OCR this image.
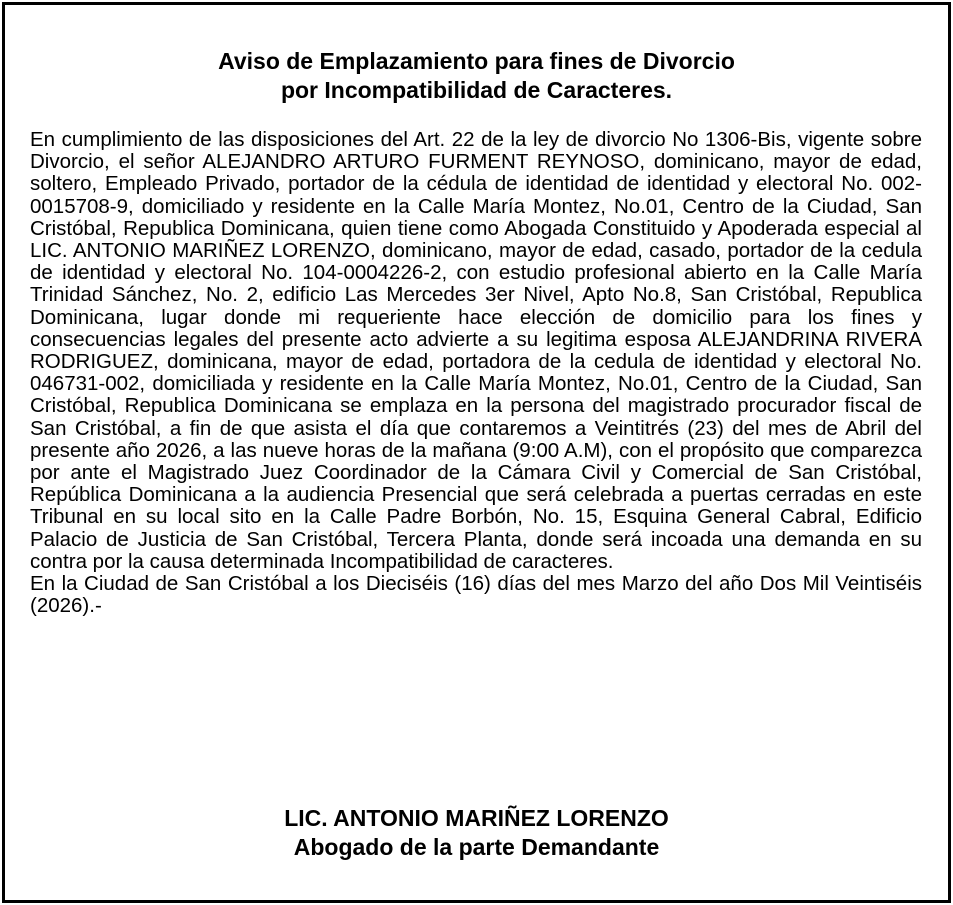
Aviso de Emplazamiento para fines de Divorcio
por Incompatibilidad de Caracteres.

En cumplimiento de las disposiciones del Art. 22 de la ley de divorcio No 1306-Bis, vigente sobre Divorcio, el señor ALEJANDRO ARTURO FURMENT REYNOSO, dominicano, mayor de edad, soltero, Empleado Privado, portador de la cédula de identidad de identidad y electoral No. 002-0015708-9, domiciliado y residente en la Calle María Montez, No.01, Centro de la Ciudad, San Cristóbal, Republica Dominicana, quien tiene como Abogada Constituido y Apoderada especial al LIC. ANTONIO MARIÑEZ LORENZO, dominicano, mayor de edad, casado, portador de la cedula de identidad y electoral No. 104-0004226-2, con estudio profesional abierto en la Calle María Trinidad Sánchez, No. 2, edificio Las Mercedes 3er Nivel, Apto No.8, San Cristóbal, Republica Dominicana, lugar donde mi requeriente hace elección de domicilio para los fines y consecuencias legales del presente acto advierte a su legitima esposa ALEJANDRINA RIVERA RODRIGUEZ, dominicana, mayor de edad, portadora de la cedula de identidad y electoral No. 046731-002, domiciliada y residente en la Calle María Montez, No.01, Centro de la Ciudad, San Cristóbal, Republica Dominicana se emplaza en la persona del magistrado procurador fiscal de San Cristóbal, a fin de que asista el día que contaremos a Veintitrés (23) del mes de Abril del presente año 2026, a las nueve horas de la mañana (9:00 A.M), con el propósito que comparezca por ante el Magistrado Juez Coordinador de la Cámara Civil y Comercial de San Cristóbal, República Dominicana a la audiencia Presencial que será celebrada a puertas cerradas en este Tribunal en su local sito en la Calle Padre Borbón, No. 15, Esquina General Cabral, Edificio Palacio de Justicia de San Cristóbal, Tercera Planta, donde será incoada una demanda en su contra por la causa determinada Incompatibilidad de caracteres.

En la Ciudad de San Cristóbal a los Dieciséis (16) días del mes Marzo del año Dos Mil Veintiséis (2026).-

LIC. ANTONIO MARIÑEZ LORENZO
Abogado de la parte Demandante
